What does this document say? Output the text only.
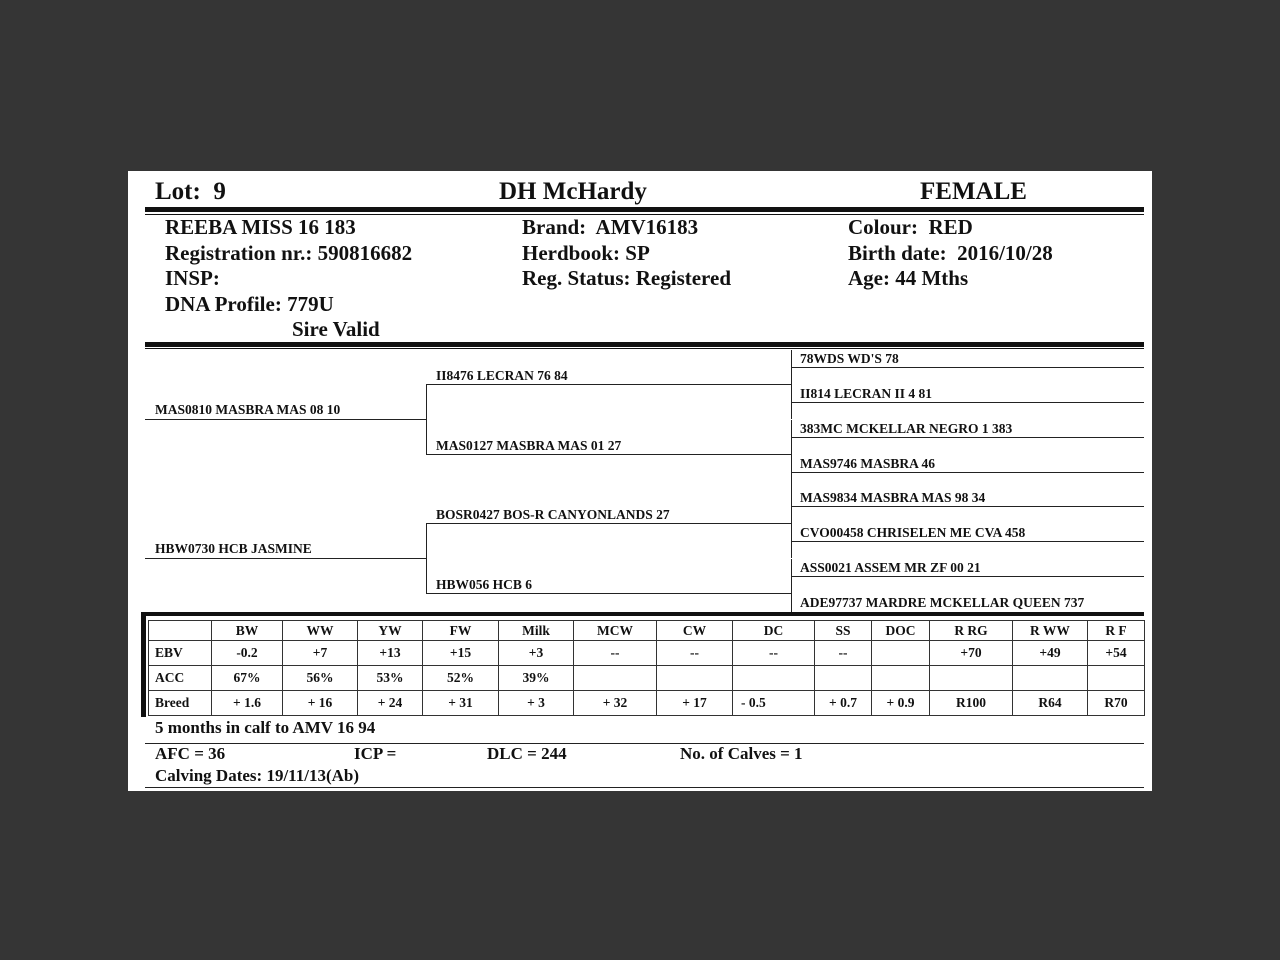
Lot: 9	DH McHardy	FEMALE
REEBA MISS 16 183
Registration nr.: 590816682
INSP:
DNA Profile: 779U
Sire Valid
Brand: AMV16183
Herdbook: SP
Reg. Status: Registered
Colour: RED
Birth date: 2016/10/28
Age: 44 Mths
MAS0810 MASBRA MAS 08 10
HBW0730 HCB JASMINE
II8476 LECRAN 76 84
MAS0127 MASBRA MAS 01 27
BOSR0427 BOS-R CANYONLANDS 27
HBW056 HCB 6
78WDS WD'S 78
II814 LECRAN II 4 81
383MC MCKELLAR NEGRO 1 383
MAS9746 MASBRA 46
MAS9834 MASBRA MAS 98 34
CVO00458 CHRISELEN ME CVA 458
ASS0021 ASSEM MR ZF 00 21
ADE97737 MARDRE MCKELLAR QUEEN 737
	BW	WW	YW	FW	Milk	MCW	CW	DC	SS	DOC	R RG	R WW	R F
EBV	-0.2	+7	+13	+15	+3	--	--	--	--		+70	+49	+54
ACC	67%	56%	53%	52%	39%								
Breed	+ 1.6	+ 16	+ 24	+ 31	+ 3	+ 32	+ 17	- 0.5	+ 0.7	+ 0.9	R100	R64	R70
5 months in calf to AMV 16 94
AFC = 36	ICP =	DLC = 244	No. of Calves = 1
Calving Dates: 19/11/13(Ab)
